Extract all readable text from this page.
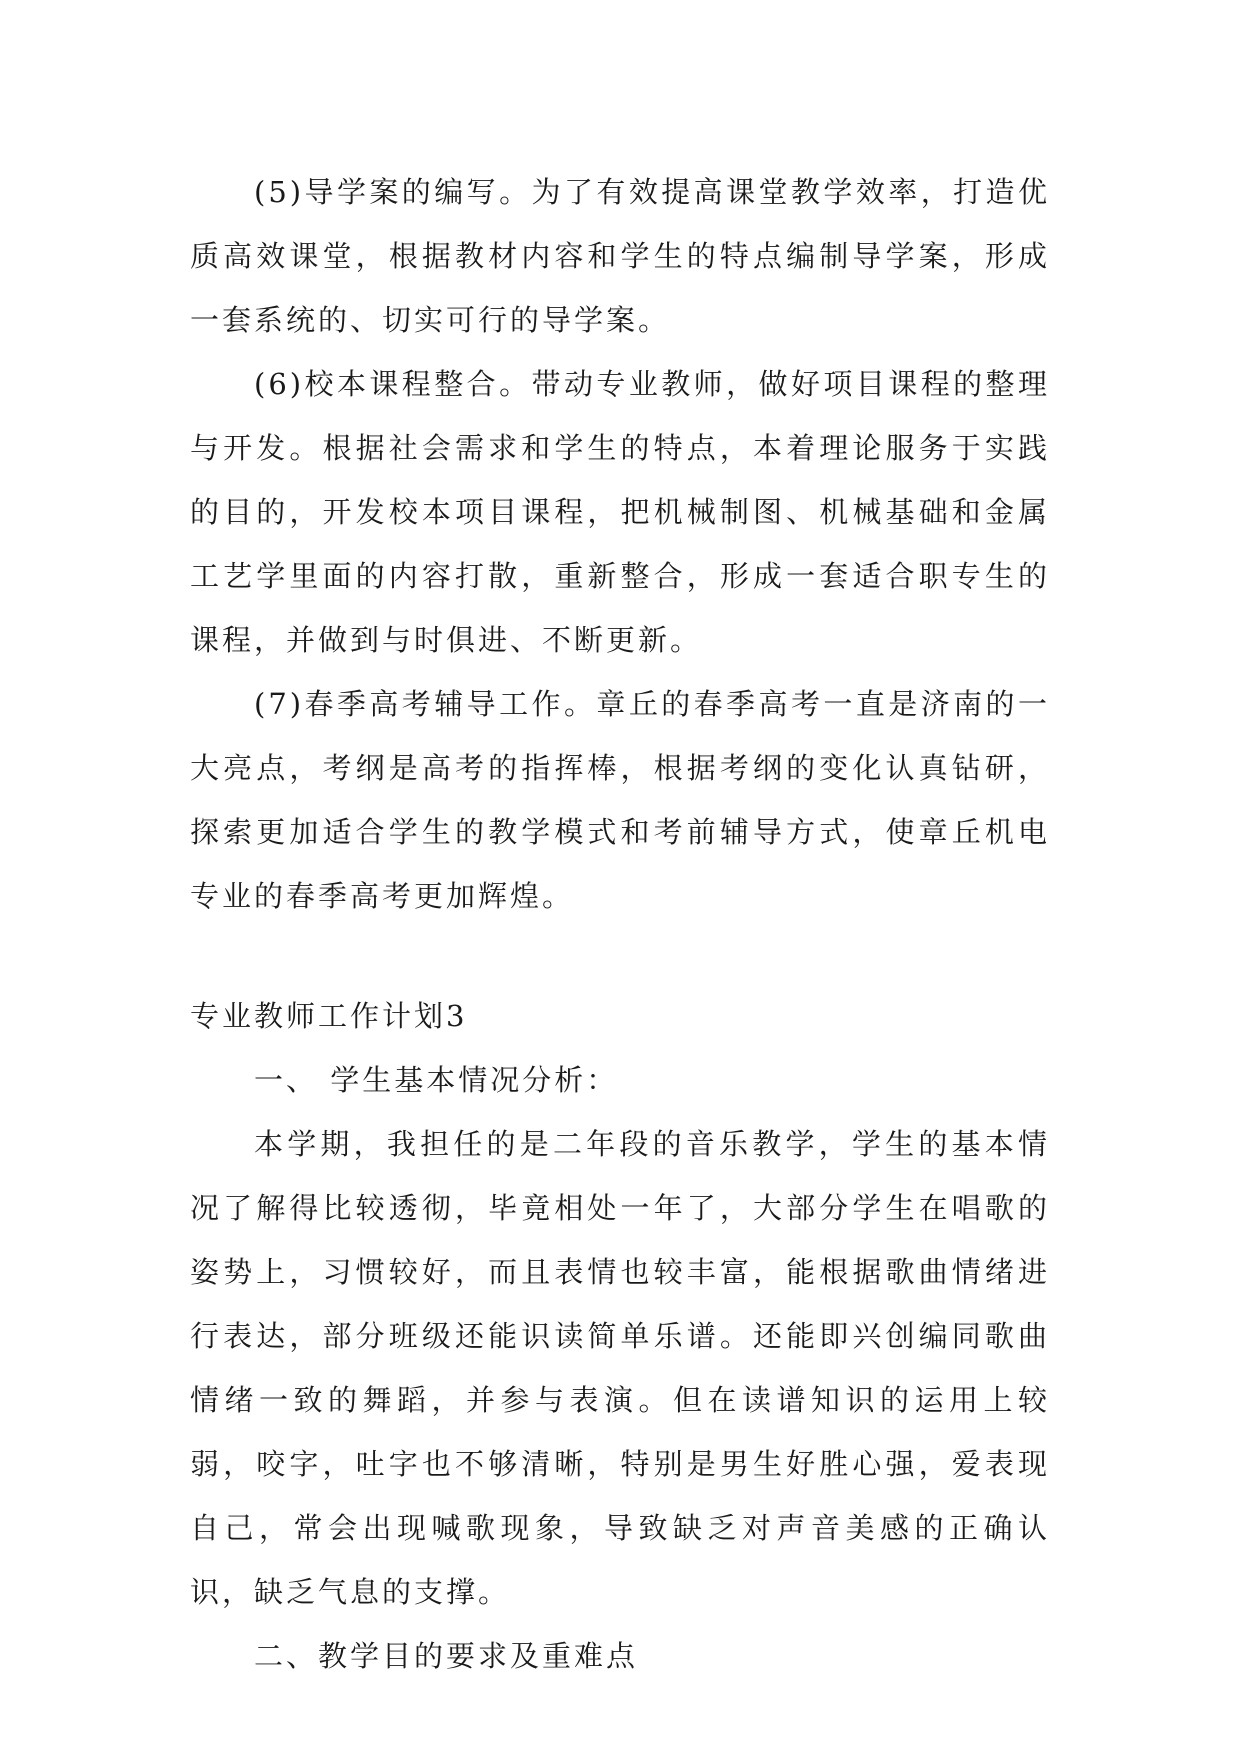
(5)导学案的编写。为了有效提高课堂教学效率，打造优质高效课堂，根据教材内容和学生的特点编制导学案，形成一套系统的、切实可行的导学案。

(6)校本课程整合。带动专业教师，做好项目课程的整理与开发。根据社会需求和学生的特点，本着理论服务于实践的目的，开发校本项目课程，把机械制图、机械基础和金属工艺学里面的内容打散，重新整合，形成一套适合职专生的课程，并做到与时俱进、不断更新。

(7)春季高考辅导工作。章丘的春季高考一直是济南的一大亮点，考纲是高考的指挥棒，根据考纲的变化认真钻研，探索更加适合学生的教学模式和考前辅导方式，使章丘机电专业的春季高考更加辉煌。

专业教师工作计划3

一、 学生基本情况分析：

本学期，我担任的是二年段的音乐教学，学生的基本情况了解得比较透彻，毕竟相处一年了，大部分学生在唱歌的姿势上，习惯较好，而且表情也较丰富，能根据歌曲情绪进行表达，部分班级还能识读简单乐谱。还能即兴创编同歌曲情绪一致的舞蹈，并参与表演。但在读谱知识的运用上较弱，咬字，吐字也不够清晰，特别是男生好胜心强，爱表现自己，常会出现喊歌现象，导致缺乏对声音美感的正确认识，缺乏气息的支撑。

二、教学目的要求及重难点
